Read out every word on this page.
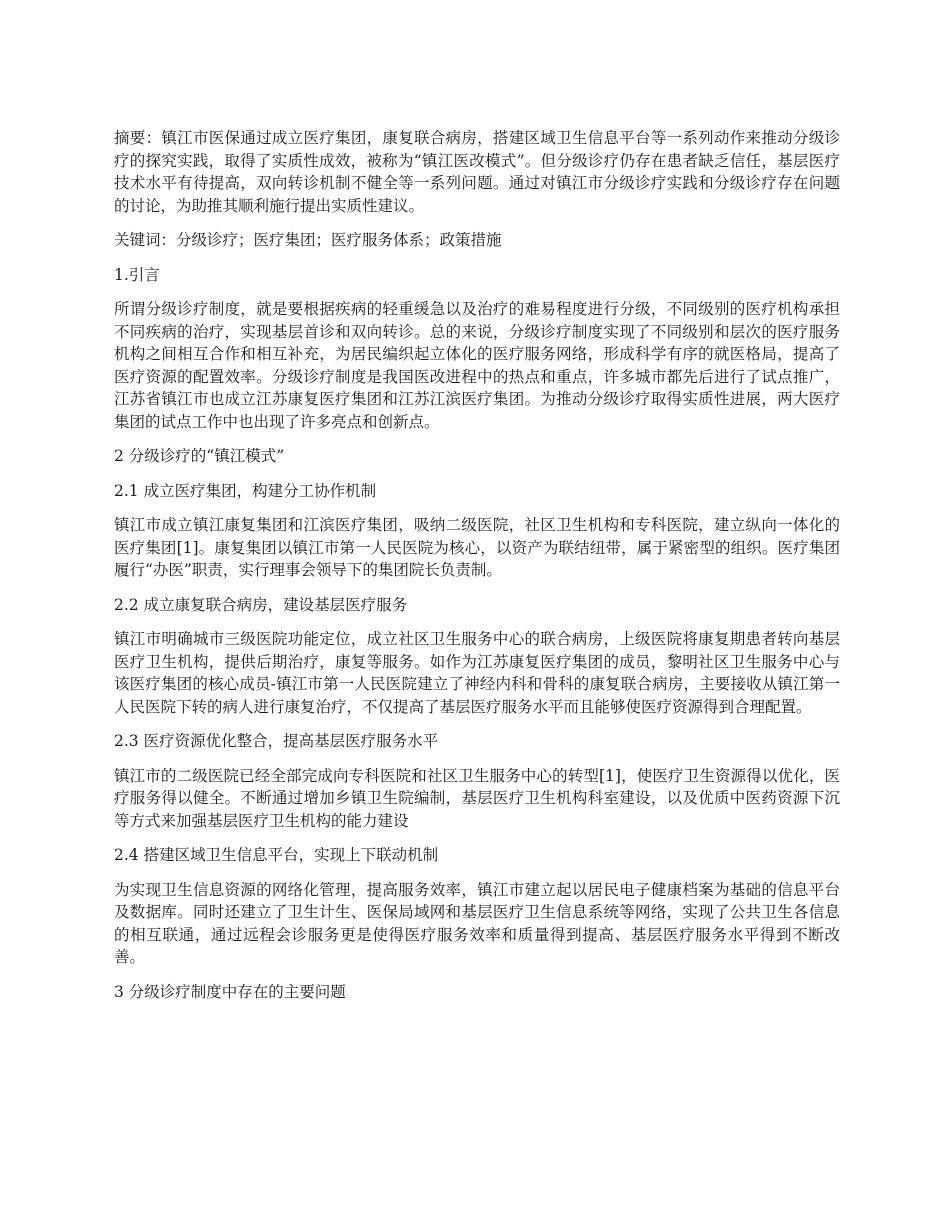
摘要：镇江市医保通过成立医疗集团，康复联合病房，搭建区域卫生信息平台等一系列动作来推动分级诊疗的探究实践，取得了实质性成效，被称为“镇江医改模式”。但分级诊疗仍存在患者缺乏信任，基层医疗技术水平有待提高，双向转诊机制不健全等一系列问题。通过对镇江市分级诊疗实践和分级诊疗存在问题的讨论，为助推其顺利施行提出实质性建议。

关键词：分级诊疗；医疗集团；医疗服务体系；政策措施

1.引言

所谓分级诊疗制度，就是要根据疾病的轻重缓急以及治疗的难易程度进行分级，不同级别的医疗机构承担不同疾病的治疗，实现基层首诊和双向转诊。总的来说，分级诊疗制度实现了不同级别和层次的医疗服务机构之间相互合作和相互补充，为居民编织起立体化的医疗服务网络，形成科学有序的就医格局，提高了医疗资源的配置效率。分级诊疗制度是我国医改进程中的热点和重点，许多城市都先后进行了试点推广，江苏省镇江市也成立江苏康复医疗集团和江苏江滨医疗集团。为推动分级诊疗取得实质性进展，两大医疗集团的试点工作中也出现了许多亮点和创新点。

2 分级诊疗的“镇江模式”

2.1 成立医疗集团，构建分工协作机制

镇江市成立镇江康复集团和江滨医疗集团，吸纳二级医院，社区卫生机构和专科医院，建立纵向一体化的医疗集团[1]。康复集团以镇江市第一人民医院为核心，以资产为联结纽带，属于紧密型的组织。医疗集团履行“办医”职责，实行理事会领导下的集团院长负责制。

2.2 成立康复联合病房，建设基层医疗服务

镇江市明确城市三级医院功能定位，成立社区卫生服务中心的联合病房，上级医院将康复期患者转向基层医疗卫生机构，提供后期治疗，康复等服务。如作为江苏康复医疗集团的成员，黎明社区卫生服务中心与该医疗集团的核心成员-镇江市第一人民医院建立了神经内科和骨科的康复联合病房，主要接收从镇江第一人民医院下转的病人进行康复治疗，不仅提高了基层医疗服务水平而且能够使医疗资源得到合理配置。

2.3 医疗资源优化整合，提高基层医疗服务水平

镇江市的二级医院已经全部完成向专科医院和社区卫生服务中心的转型[1]，使医疗卫生资源得以优化，医疗服务得以健全。不断通过增加乡镇卫生院编制，基层医疗卫生机构科室建设，以及优质中医药资源下沉等方式来加强基层医疗卫生机构的能力建设

2.4 搭建区域卫生信息平台，实现上下联动机制

为实现卫生信息资源的网络化管理，提高服务效率，镇江市建立起以居民电子健康档案为基础的信息平台及数据库。同时还建立了卫生计生、医保局域网和基层医疗卫生信息系统等网络，实现了公共卫生各信息的相互联通，通过远程会诊服务更是使得医疗服务效率和质量得到提高、基层医疗服务水平得到不断改善。

3 分级诊疗制度中存在的主要问题
